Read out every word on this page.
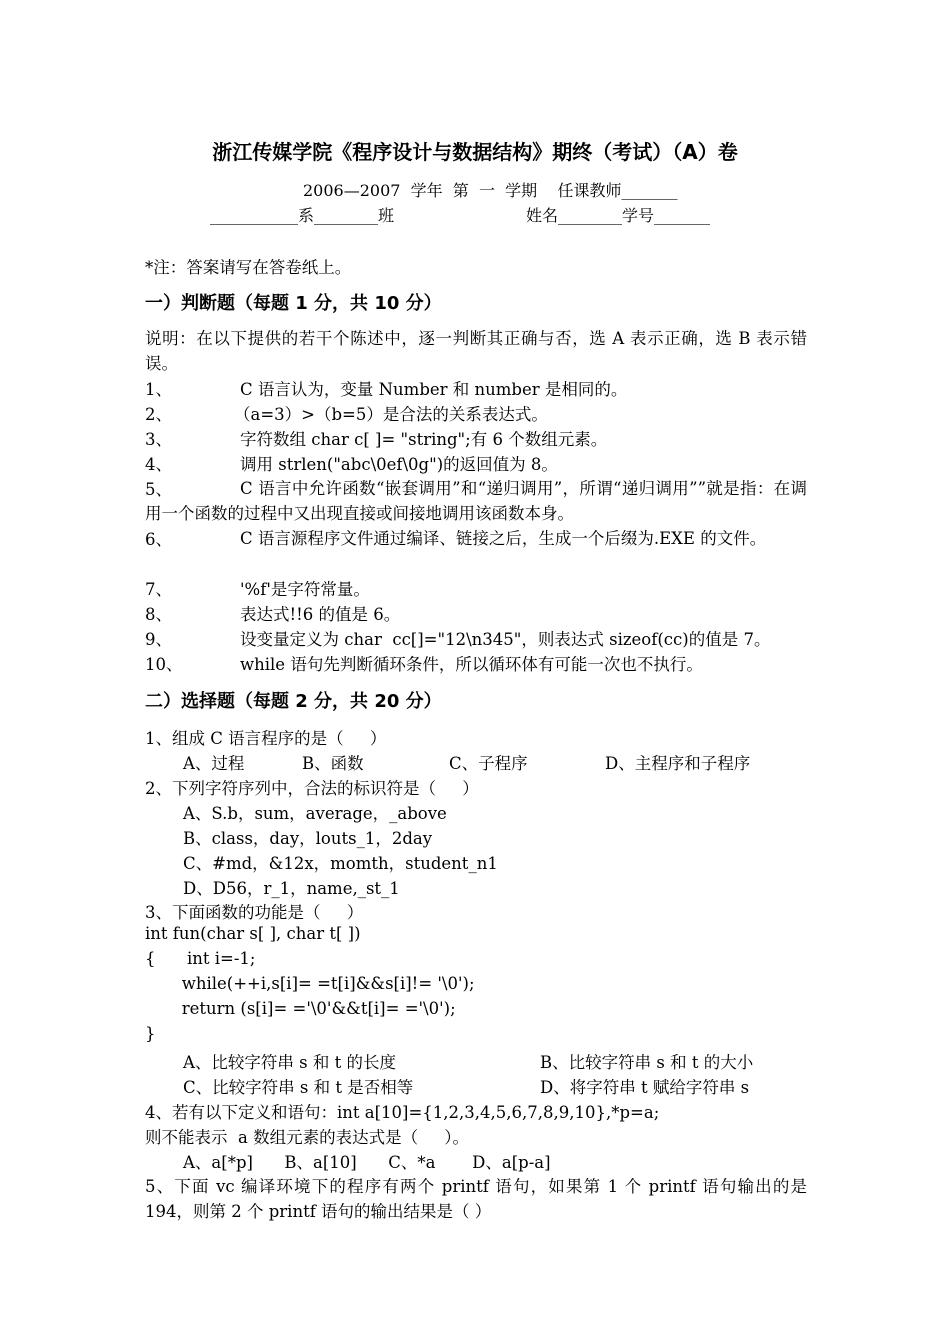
浙江传媒学院《程序设计与数据结构》期终（考试）（A）卷
2006—2007  学年  第  一  学期    任课教师_______
___________系________班	姓名________学号_______
*注：答案请写在答卷纸上。
一）判断题（每题 1 分，共 10 分）
说明：在以下提供的若干个陈述中，逐一判断其正确与否，选 A 表示正确，选 B 表示错误。
1、	C 语言认为，变量 Number 和 number 是相同的。
2、	（a=3）>（b=5）是合法的关系表达式。
3、	字符数组 char c[ ]= "string";有 6 个数组元素。
4、	调用 strlen("abc\0ef\0g")的返回值为 8。
5、	C 语言中允许函数“嵌套调用”和“递归调用”，所谓“递归调用””就是指：在调用一个函数的过程中又出现直接或间接地调用该函数本身。
6、	C 语言源程序文件通过编译、链接之后，生成一个后缀为.EXE 的文件。
7、	'%f'是字符常量。
8、	表达式!!6 的值是 6。
9、	设变量定义为 char  cc[]="12\n345"，则表达式 sizeof(cc)的值是 7。
10、	while 语句先判断循环条件，所以循环体有可能一次也不执行。
二）选择题（每题 2 分，共 20 分）
1、组成 C 语言程序的是（     ）
A、过程	B、函数	C、子程序	D、主程序和子程序
2、下列字符序列中，合法的标识符是（     ）
A、S.b，sum，average，_above
B、class，day，louts_1，2day
C、#md，&12x，momth，student_n1
D、D56，r_1，name,_st_1
3、下面函数的功能是（     ）
int fun(char s[ ], char t[ ])
{      int i=-1;
while(++i,s[i]= =t[i]&&s[i]!= '\0');
return (s[i]= ='\0'&&t[i]= ='\0');
}
A、比较字符串 s 和 t 的长度	B、比较字符串 s 和 t 的大小
C、比较字符串 s 和 t 是否相等	D、将字符串 t 赋给字符串 s
4、若有以下定义和语句：int a[10]={1,2,3,4,5,6,7,8,9,10},*p=a;
则不能表示  a 数组元素的表达式是（     ）。
A、a[*p]      B、a[10]      C、*a       D、a[p-a]
5、下面 vc 编译环境下的程序有两个 printf 语句，如果第 1 个 printf 语句输出的是 194，则第 2 个 printf 语句的输出结果是（ ）
